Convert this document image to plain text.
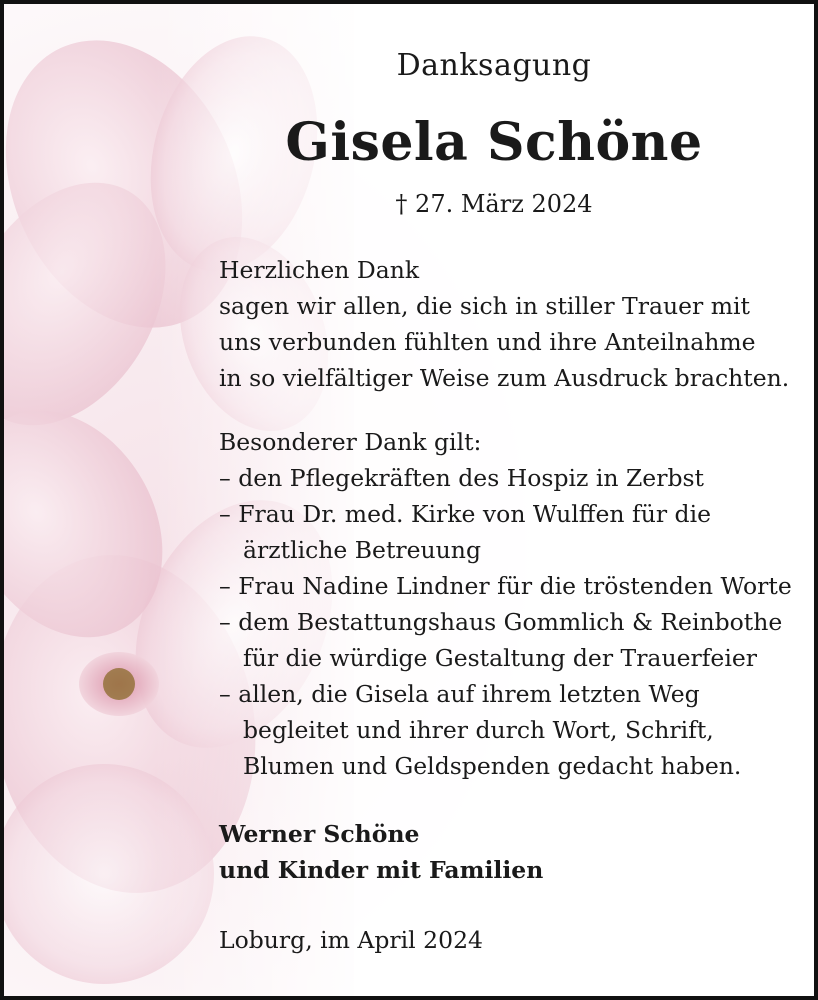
Danksagung
Gisela Schöne
† 27. März 2024

Herzlichen Dank

sagen wir allen, die sich in stiller Trauer mit

uns verbunden fühlten und ihre Anteilnahme

in so vielfältiger Weise zum Ausdruck brachten.

Besonderer Dank gilt:

– den Pflegekräften des Hospiz in Zerbst

– Frau Dr. med. Kirke von Wulffen für die

ärztliche Betreuung

– Frau Nadine Lindner für die tröstenden Worte

– dem Bestattungshaus Gommlich & Reinbothe

für die würdige Gestaltung der Trauerfeier

– allen, die Gisela auf ihrem letzten Weg

begleitet und ihrer durch Wort, Schrift,

Blumen und Geldspenden gedacht haben.

Werner Schöne

und Kinder mit Familien

Loburg, im April 2024
